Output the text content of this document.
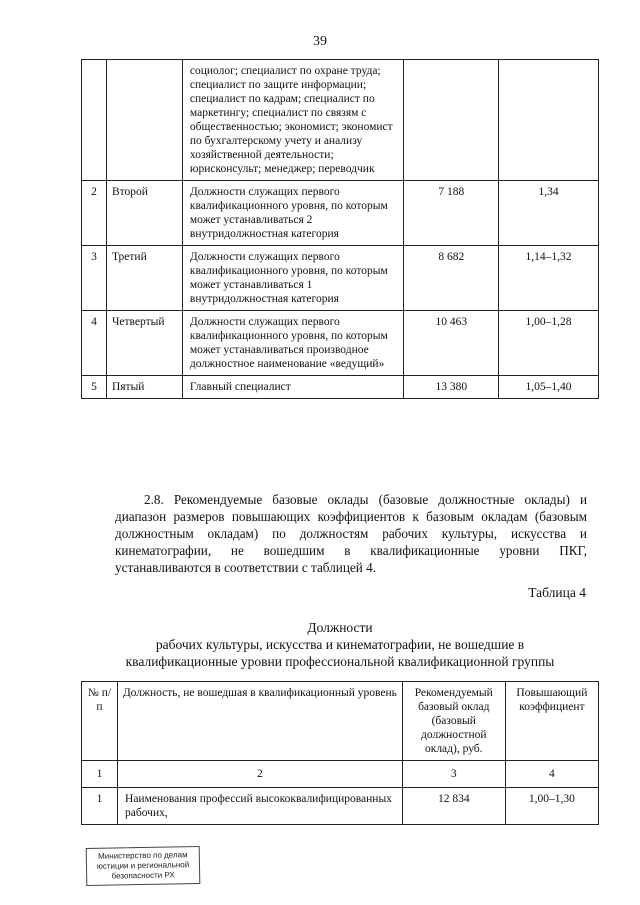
39
		социолог; специалист по охране труда; специалист по защите информации; специалист по кадрам; специалист по маркетингу; специалист по связям с общественностью; экономист; экономист по бухгалтерскому учету и анализу хозяйственной деятельности; юрисконсульт; менеджер; переводчик		
2	Второй	Должности служащих первого квалификационного уровня, по которым может устанавливаться 2 внутридолжностная категория	7 188	1,34
3	Третий	Должности служащих первого квалификационного уровня, по которым может устанавливаться 1 внутридолжностная категория	8 682	1,14–1,32
4	Четвертый	Должности служащих первого квалификационного уровня, по которым может устанавливаться производное должностное наименование «ведущий»	10 463	1,00–1,28
5	Пятый	Главный специалист	13 380	1,05–1,40
2.8. Рекомендуемые базовые оклады (базовые должностные оклады) и диапазон размеров повышающих коэффициентов к базовым окладам (базовым должностным окладам) по должностям рабочих культуры, искусства и кинематографии, не вошедшим в квалификационные уровни ПКГ, устанавливаются в соответствии с таблицей 4.
Таблица 4
Должности
рабочих культуры, искусства и кинематографии, не вошедшие в
квалификационные уровни профессиональной квалификационной группы
№ п/п	Должность, не вошедшая в квалификационный уровень	Рекомендуемый базовый оклад (базовый должностной оклад), руб.	Повышающий коэффициент
1	2	3	4
1	Наименования профессий высококвалифицированных рабочих,	12 834	1,00–1,30
Министерство по делам
юстиции и региональной
безопасности РХ
